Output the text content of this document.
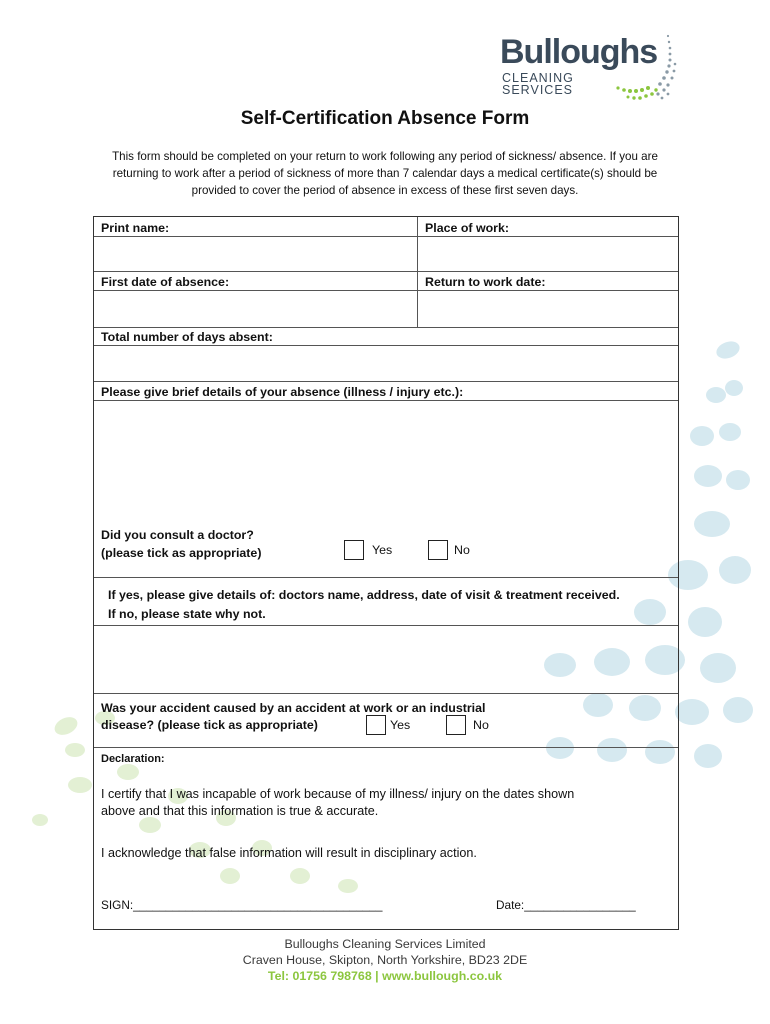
Bulloughs
CLEANING
SERVICES
Self-Certification Absence Form
This form should be completed on your return to work following any period of sickness/ absence. If you are returning to work after a period of sickness of more than 7 calendar days a medical certificate(s) should be provided to cover the period of absence in excess of these first seven days.
Print name:	Place of work:
First date of absence:	Return to work date:
Total number of days absent:
Please give brief details of your absence (illness / injury etc.):
Did you consult a doctor?
(please tick as appropriate)	Yes	No
If yes, please give details of: doctors name, address, date of visit & treatment received.
If no, please state why not.
Was your accident caused by an accident at work or an industrial
disease? (please tick as appropriate)	Yes	No
Declaration:
I certify that I was incapable of work because of my illness/ injury on the dates shown
above and that this information is true & accurate.
I acknowledge that false information will result in disciplinary action.
SIGN:______________________________________	Date:_________________
Bulloughs Cleaning Services Limited
Craven House, Skipton, North Yorkshire, BD23 2DE
Tel: 01756 798768 | www.bullough.co.uk
